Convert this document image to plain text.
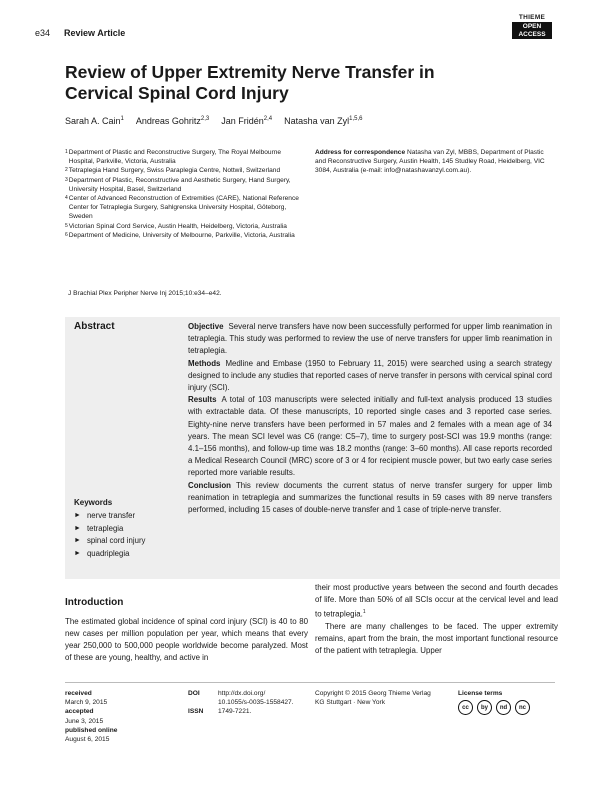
e34 Review Article
THIEME
OPEN
ACCESS
Review of Upper Extremity Nerve Transfer in
Cervical Spinal Cord Injury
Sarah A. Cain$^1$ Andreas Gohritz$^{2,3}$ Jan Fridén$^{2,4}$ Natasha van Zyl$^{1,5,6}$
1 Department of Plastic and Reconstructive Surgery, The Royal Melbourne Hospital, Parkville, Victoria, Australia
2 Tetraplegia Hand Surgery, Swiss Paraplegia Centre, Nottwil, Switzerland
3 Department of Plastic, Reconstructive and Aesthetic Surgery, Hand Surgery, University Hospital, Basel, Switzerland
4 Center of Advanced Reconstruction of Extremities (CARE), National Reference Center for Tetraplegia Surgery, Sahlgrenska University Hospital, Göteborg, Sweden
5 Victorian Spinal Cord Service, Austin Health, Heidelberg, Victoria, Australia
6 Department of Medicine, University of Melbourne, Parkville, Victoria, Australia
Address for correspondence Natasha van Zyl, MBBS, Department of Plastic and Reconstructive Surgery, Austin Health, 145 Studley Road, Heidelberg, VIC 3084, Australia (e-mail: info@natashavanzyl.com.au).
J Brachial Plex Peripher Nerve Inj 2015;10:e34–e42.
Abstract	Objective Several nerve transfers have now been successfully performed for upper limb reanimation in tetraplegia. This study was performed to review the use of nerve transfers for upper limb reanimation in tetraplegia.

Methods Medline and Embase (1950 to February 11, 2015) were searched using a search strategy designed to include any studies that reported cases of nerve transfer in persons with cervical spinal cord injury (SCI).

Results A total of 103 manuscripts were selected initially and full-text analysis produced 13 studies with extractable data. Of these manuscripts, 10 reported single cases and 3 reported case series. Eighty-nine nerve transfers have been performed in 57 males and 2 females with a mean age of 34 years. The mean SCI level was C6 (range: C5–7), time to surgery post-SCI was 19.9 months (range: 4.1–156 months), and follow-up time was 18.2 months (range: 3–60 months). All case reports recorded a Medical Research Council (MRC) score of 3 or 4 for recipient muscle power, but two early case series reported more variable results.

Conclusion This review documents the current status of nerve transfer surgery for upper limb reanimation in tetraplegia and summarizes the functional results in 59 cases with 89 nerve transfers performed, including 15 cases of double-nerve transfer and 1 case of triple-nerve transfer.

Keywords
► nerve transfer
► tetraplegia
► spinal cord injury
► quadriplegia
Introduction

The estimated global incidence of spinal cord injury (SCI) is 40 to 80 new cases per million population per year, which means that every year 250,000 to 500,000 people worldwide become paralyzed. Most of these are young, healthy, and active in

their most productive years between the second and fourth decades of life. More than 50% of all SCIs occur at the cervical level and lead to tetraplegia.$^1$

There are many challenges to be faced. The upper extremity remains, apart from the brain, the most important functional resource of the patient with tetraplegia. Upper

received
March 9, 2015
accepted
June 3, 2015
published online
August 6, 2015
DOI	http://dx.doi.org/
10.1055/s-0035-1558427.
ISSN	1749-7221.
Copyright © 2015 Georg Thieme Verlag
KG Stuttgart · New York
License terms
cc	by	nd	nc
